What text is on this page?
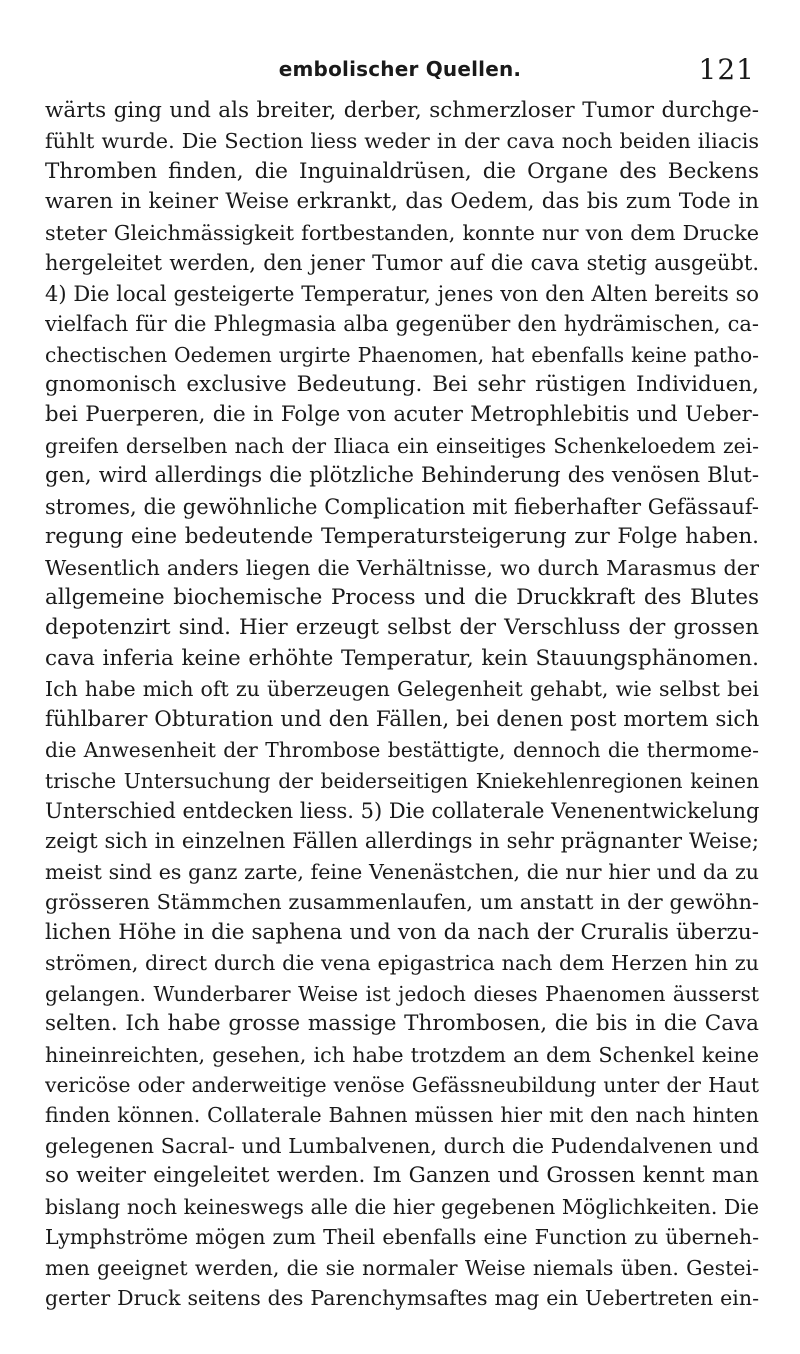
embolischer Quellen.	121
wärts ging und als breiter, derber, schmerzloser Tumor durchge-
fühlt wurde. Die Section liess weder in der cava noch beiden iliacis
Thromben finden, die Inguinaldrüsen, die Organe des Beckens
waren in keiner Weise erkrankt, das Oedem, das bis zum Tode in
steter Gleichmässigkeit fortbestanden, konnte nur von dem Drucke
hergeleitet werden, den jener Tumor auf die cava stetig ausgeübt.
4) Die local gesteigerte Temperatur, jenes von den Alten bereits so
vielfach für die Phlegmasia alba gegenüber den hydrämischen, ca-
chectischen Oedemen urgirte Phaenomen, hat ebenfalls keine patho-
gnomonisch exclusive Bedeutung. Bei sehr rüstigen Individuen,
bei Puerperen, die in Folge von acuter Metrophlebitis und Ueber-
greifen derselben nach der Iliaca ein einseitiges Schenkeloedem zei-
gen, wird allerdings die plötzliche Behinderung des venösen Blut-
stromes, die gewöhnliche Complication mit fieberhafter Gefässauf-
regung eine bedeutende Temperatursteigerung zur Folge haben.
Wesentlich anders liegen die Verhältnisse, wo durch Marasmus der
allgemeine biochemische Process und die Druckkraft des Blutes
depotenzirt sind. Hier erzeugt selbst der Verschluss der grossen
cava inferia keine erhöhte Temperatur, kein Stauungsphänomen.
Ich habe mich oft zu überzeugen Gelegenheit gehabt, wie selbst bei
fühlbarer Obturation und den Fällen, bei denen post mortem sich
die Anwesenheit der Thrombose bestättigte, dennoch die thermome-
trische Untersuchung der beiderseitigen Kniekehlenregionen keinen
Unterschied entdecken liess. 5) Die collaterale Venenentwickelung
zeigt sich in einzelnen Fällen allerdings in sehr prägnanter Weise;
meist sind es ganz zarte, feine Venenästchen, die nur hier und da zu
grösseren Stämmchen zusammenlaufen, um anstatt in der gewöhn-
lichen Höhe in die saphena und von da nach der Cruralis überzu-
strömen, direct durch die vena epigastrica nach dem Herzen hin zu
gelangen. Wunderbarer Weise ist jedoch dieses Phaenomen äusserst
selten. Ich habe grosse massige Thrombosen, die bis in die Cava
hineinreichten, gesehen, ich habe trotzdem an dem Schenkel keine
vericöse oder anderweitige venöse Gefässneubildung unter der Haut
finden können. Collaterale Bahnen müssen hier mit den nach hinten
gelegenen Sacral- und Lumbalvenen, durch die Pudendalvenen und
so weiter eingeleitet werden. Im Ganzen und Grossen kennt man
bislang noch keineswegs alle die hier gegebenen Möglichkeiten. Die
Lymphströme mögen zum Theil ebenfalls eine Function zu überneh-
men geeignet werden, die sie normaler Weise niemals üben. Gestei-
gerter Druck seitens des Parenchymsaftes mag ein Uebertreten ein-
